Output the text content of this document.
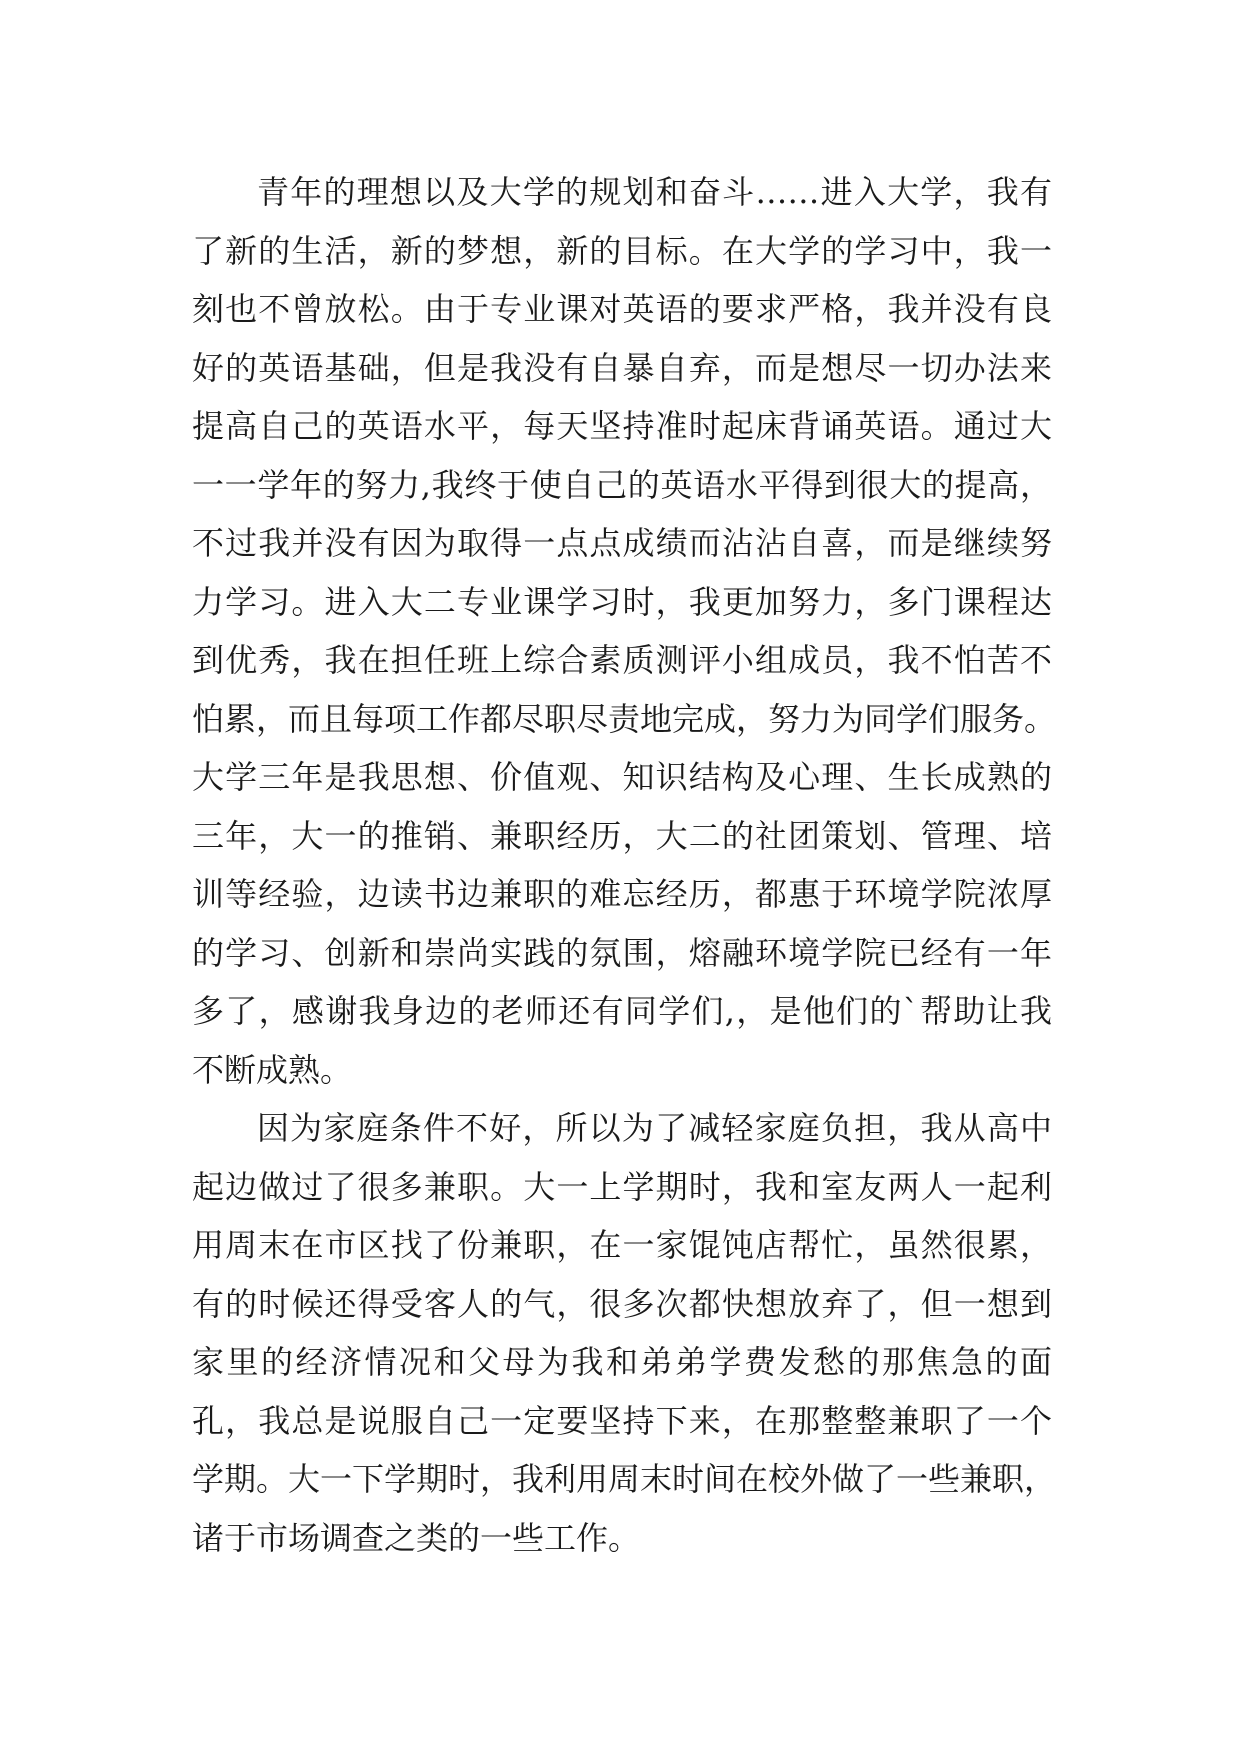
青年的理想以及大学的规划和奋斗……进入大学，我有
了新的生活，新的梦想，新的目标。在大学的学习中，我一
刻也不曾放松。由于专业课对英语的要求严格，我并没有良
好的英语基础，但是我没有自暴自弃，而是想尽一切办法来
提高自己的英语水平，每天坚持准时起床背诵英语。通过大
一一学年的努力,我终于使自己的英语水平得到很大的提高，
不过我并没有因为取得一点点成绩而沾沾自喜，而是继续努
力学习。进入大二专业课学习时，我更加努力，多门课程达
到优秀，我在担任班上综合素质测评小组成员，我不怕苦不
怕累，而且每项工作都尽职尽责地完成，努力为同学们服务。
大学三年是我思想、价值观、知识结构及心理、生长成熟的
三年，大一的推销、兼职经历，大二的社团策划、管理、培
训等经验，边读书边兼职的难忘经历，都惠于环境学院浓厚
的学习、创新和崇尚实践的氛围，熔融环境学院已经有一年
多了，感谢我身边的老师还有同学们,，是他们的`帮助让我
不断成熟。
因为家庭条件不好，所以为了减轻家庭负担，我从高中
起边做过了很多兼职。大一上学期时，我和室友两人一起利
用周末在市区找了份兼职，在一家馄饨店帮忙，虽然很累，
有的时候还得受客人的气，很多次都快想放弃了，但一想到
家里的经济情况和父母为我和弟弟学费发愁的那焦急的面
孔，我总是说服自己一定要坚持下来，在那整整兼职了一个
学期。大一下学期时，我利用周末时间在校外做了一些兼职，
诸于市场调查之类的一些工作。
